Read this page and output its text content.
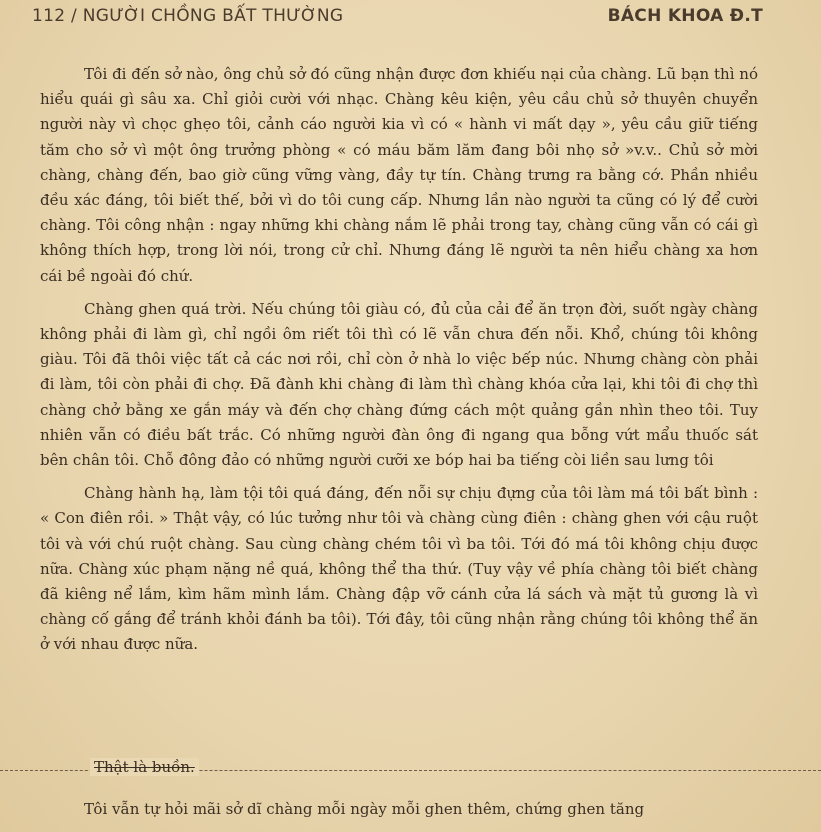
112 / NGƯỜI CHỒNG BẤT THƯỜNG	BÁCH KHOA Đ.T

Tôi đi đến sở nào, ông chủ sở đó cũng nhận được đơn khiếu nại của chàng. Lũ bạn thì nó hiểu quái gì sâu xa. Chỉ giỏi cười với nhạc. Chàng kêu kiện, yêu cầu chủ sở thuyên chuyển người này vì chọc ghẹo tôi, cảnh cáo người kia vì có « hành vi mất dạy », yêu cầu giữ tiếng tăm cho sở vì một ông trưởng phòng « có máu băm lăm đang bôi nhọ sở »v.v.. Chủ sở mời chàng, chàng đến, bao giờ cũng vững vàng, đầy tự tín. Chàng trưng ra bằng cớ. Phần nhiều đều xác đáng, tôi biết thế, bởi vì do tôi cung cấp. Nhưng lần nào người ta cũng có lý để cười chàng. Tôi công nhận : ngay những khi chàng nắm lẽ phải trong tay, chàng cũng vẫn có cái gì không thích hợp, trong lời nói, trong cử chỉ. Nhưng đáng lẽ người ta nên hiểu chàng xa hơn cái bề ngoài đó chứ.

Chàng ghen quá trời. Nếu chúng tôi giàu có, đủ của cải để ăn trọn đời, suốt ngày chàng không phải đi làm gì, chỉ ngồi ôm riết tôi thì có lẽ vẫn chưa đến nỗi. Khổ, chúng tôi không giàu. Tôi đã thôi việc tất cả các nơi rồi, chỉ còn ở nhà lo việc bếp núc. Nhưng chàng còn phải đi làm, tôi còn phải đi chợ. Đã đành khi chàng đi làm thì chàng khóa cửa lại, khi tôi đi chợ thì chàng chở bằng xe gắn máy và đến chợ chàng đứng cách một quảng gần nhìn theo tôi. Tuy nhiên vẫn có điều bất trắc. Có những người đàn ông đi ngang qua bỗng vứt mẩu thuốc sát bên chân tôi. Chỗ đông đảo có những người cưỡi xe bóp hai ba tiếng còi liền sau lưng tôi

Chàng hành hạ, làm tội tôi quá đáng, đến nỗi sự chịu đựng của tôi làm má tôi bất bình : « Con điên rồi. » Thật vậy, có lúc tưởng như tôi và chàng cùng điên : chàng ghen với cậu ruột tôi và với chú ruột chàng. Sau cùng chàng chém tôi vì ba tôi. Tới đó má tôi không chịu được nữa. Chàng xúc phạm nặng nề quá, không thể tha thứ. (Tuy vậy về phía chàng tôi biết chàng đã kiêng nể lắm, kìm hãm mình lắm. Chàng đập vỡ cánh cửa lá sách và mặt tủ gương là vì chàng cố gắng để tránh khỏi đánh ba tôi). Tới đây, tôi cũng nhận rằng chúng tôi không thể ăn ở với nhau được nữa.

Thật là buồn.
Tôi vẫn tự hỏi mãi sở dĩ chàng mỗi ngày mỗi ghen thêm, chứng ghen tăng
